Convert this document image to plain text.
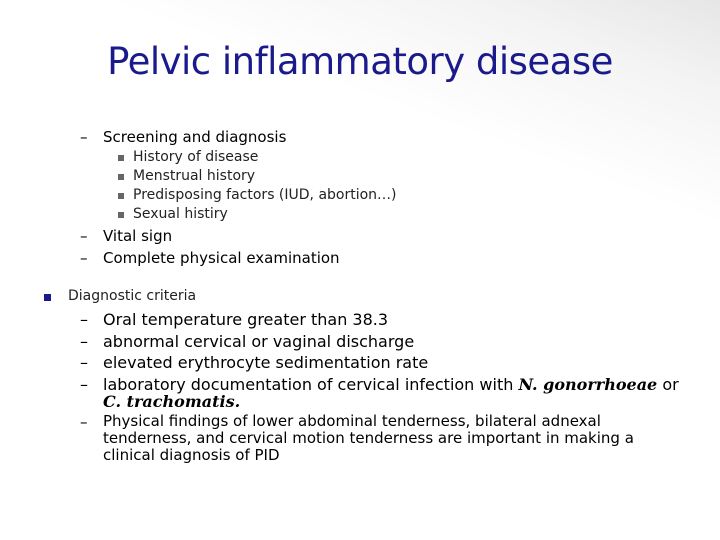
Pelvic inflammatory disease
– Screening and diagnosis
History of disease
Menstrual history
Predisposing factors (IUD, abortion…)
Sexual histiry
– Vital sign
– Complete physical examination
Diagnostic criteria
– Oral temperature greater than 38.3
– abnormal cervical or vaginal discharge
– elevated erythrocyte sedimentation rate
– laboratory documentation of cervical infection with N. gonorrhoeae or
C. trachomatis.
– Physical findings of lower abdominal tenderness, bilateral adnexal tenderness, and cervical motion tenderness are important in making a clinical diagnosis of PID
